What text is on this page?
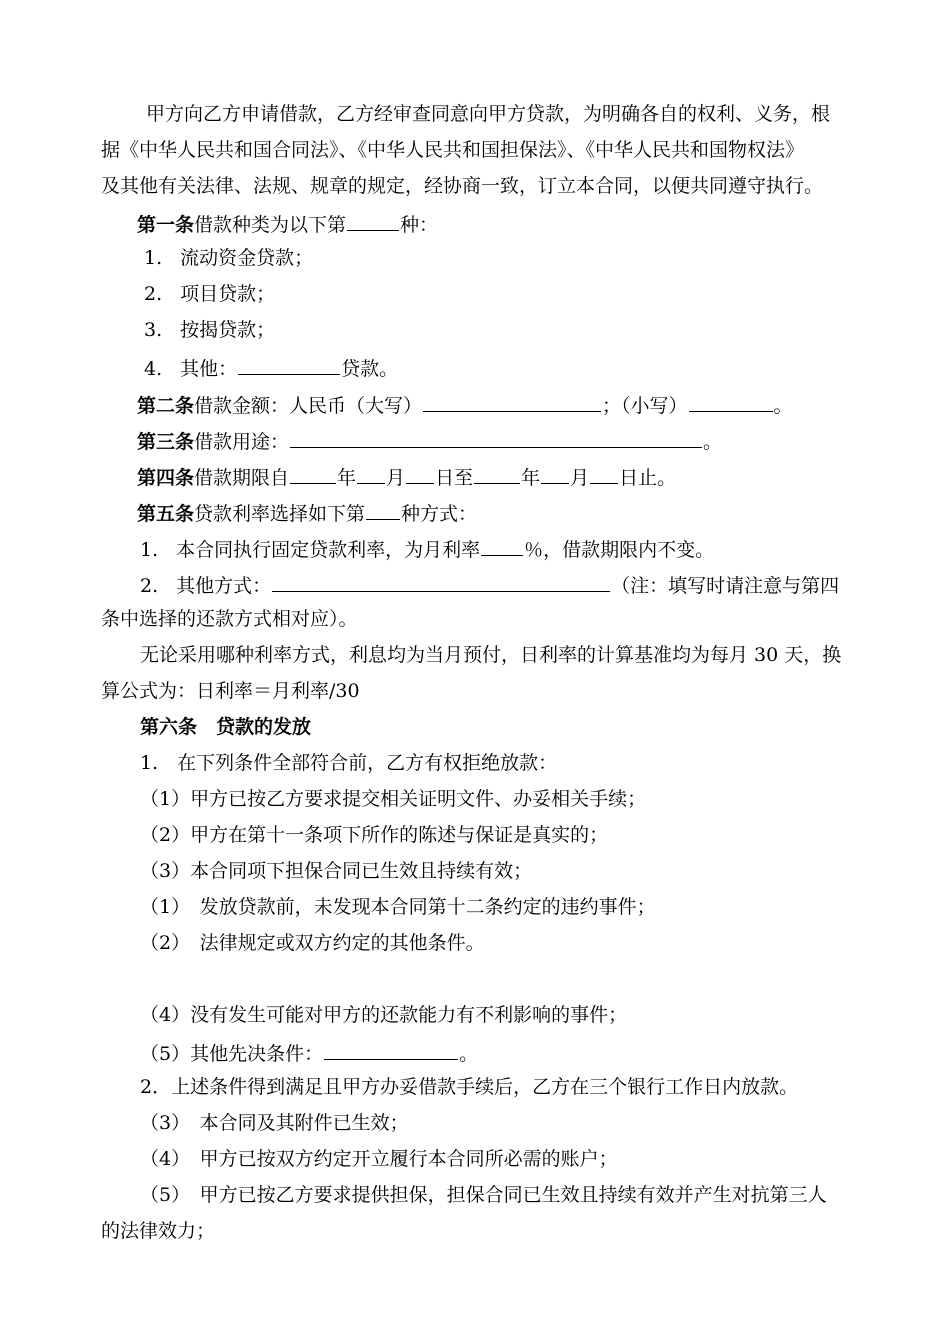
甲方向乙方申请借款，乙方经审查同意向甲方贷款，为明确各自的权利、义务，根
据《中华人民共和国合同法》、《中华人民共和国担保法》、《中华人民共和国物权法》
及其他有关法律、法规、规章的规定，经协商一致，订立本合同，以便共同遵守执行。
第一条借款种类为以下第	种：
1. 流动资金贷款；
2. 项目贷款；
3. 按揭贷款；
4. 其他：	贷款。
第二条借款金额：人民币（大写）	；（小写）	。
第三条借款用途：	。
第四条借款期限自	年 月 日至	年 月 日止。
第五条贷款利率选择如下第 种方式：
1. 本合同执行固定贷款利率，为月利率 ％，借款期限内不变。
2. 其他方式：	（注：填写时请注意与第四
条中选择的还款方式相对应）。
无论采用哪种利率方式，利息均为当月预付，日利率的计算基准均为每月 30 天，换
算公式为：日利率＝月利率/30
第六条　贷款的发放
1.　在下列条件全部符合前，乙方有权拒绝放款：
（1）甲方已按乙方要求提交相关证明文件、办妥相关手续；
（2）甲方在第十一条项下所作的陈述与保证是真实的；
（3）本合同项下担保合同已生效且持续有效；
（1）　发放贷款前，未发现本合同第十二条约定的违约事件；
（2）　法律规定或双方约定的其他条件。
（4）没有发生可能对甲方的还款能力有不利影响的事件；
（5）其他先决条件：	。
2．上述条件得到满足且甲方办妥借款手续后，乙方在三个银行工作日内放款。
（3）　本合同及其附件已生效；
（4）　甲方已按双方约定开立履行本合同所必需的账户；
（5）　甲方已按乙方要求提供担保，担保合同已生效且持续有效并产生对抗第三人
的法律效力；
